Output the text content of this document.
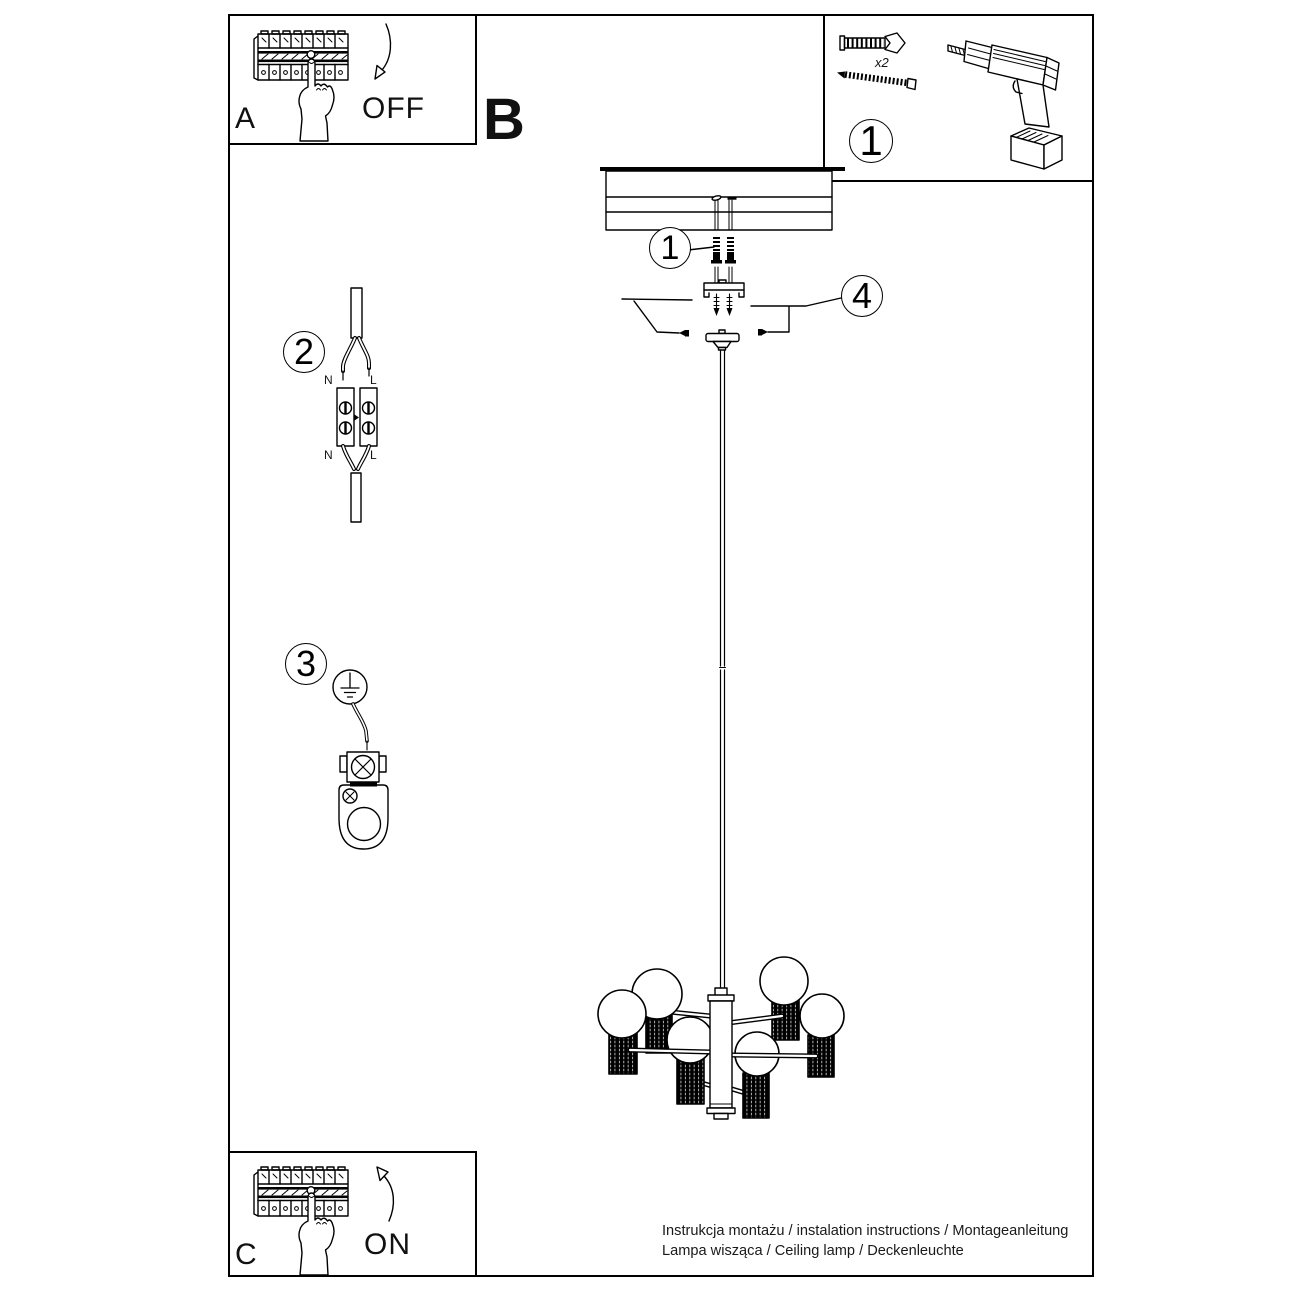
A	OFF B
C	ON
x2
1
1
4
2
3
N	L
N	L
Instrukcja montażu / instalation instructions / Montageanleitung
Lampa wisząca / Ceiling lamp / Deckenleuchte
